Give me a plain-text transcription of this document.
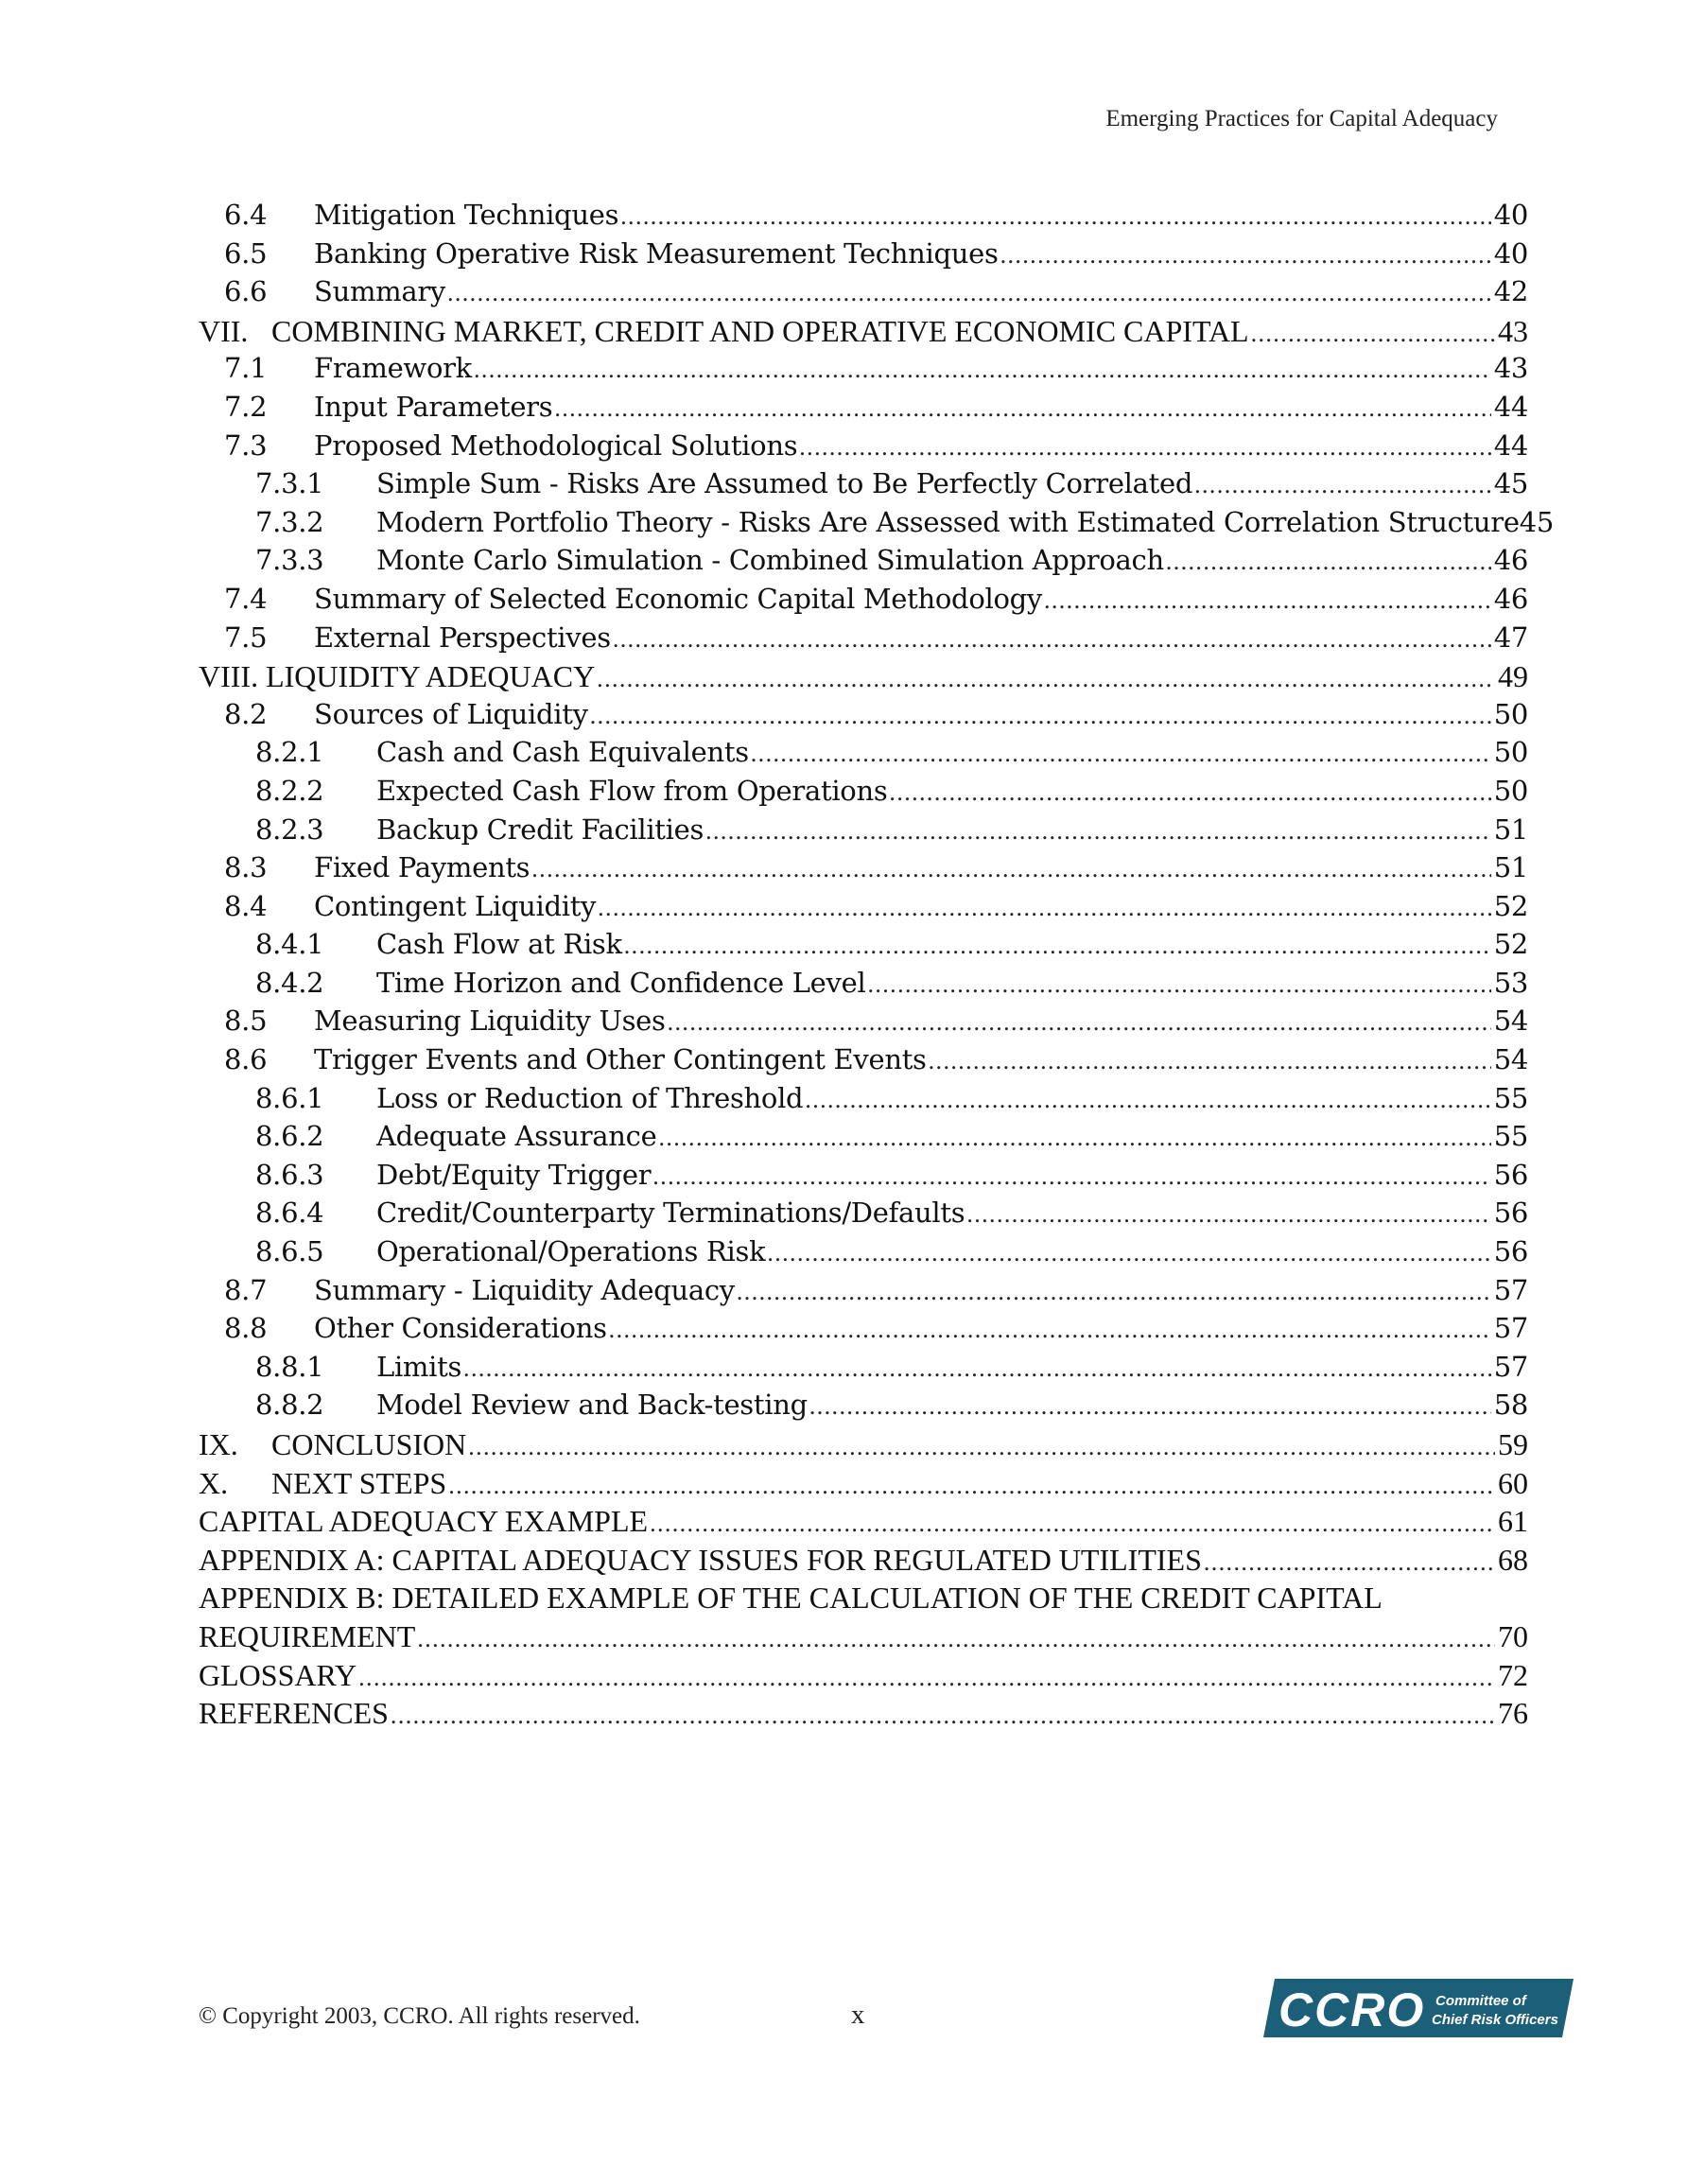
Emerging Practices for Capital Adequacy
6.4	Mitigation Techniques .....	40
6.5	Banking Operative Risk Measurement Techniques .....	40
6.6	Summary .....	42
VII. COMBINING MARKET, CREDIT AND OPERATIVE ECONOMIC CAPITAL .....	43
7.1	Framework .....	43
7.2	Input Parameters .....	44
7.3	Proposed Methodological Solutions .....	44
7.3.1	Simple Sum - Risks Are Assumed to Be Perfectly Correlated .....	45
7.3.2	Modern Portfolio Theory - Risks Are Assessed with Estimated Correlation Structure 45
7.3.3	Monte Carlo Simulation - Combined Simulation Approach .....	46
7.4	Summary of Selected Economic Capital Methodology .....	46
7.5	External Perspectives .....	47
VIII. LIQUIDITY ADEQUACY .....	49
8.2	Sources of Liquidity .....	50
8.2.1	Cash and Cash Equivalents .....	50
8.2.2	Expected Cash Flow from Operations .....	50
8.2.3	Backup Credit Facilities .....	51
8.3	Fixed Payments .....	51
8.4	Contingent Liquidity .....	52
8.4.1	Cash Flow at Risk .....	52
8.4.2	Time Horizon and Confidence Level .....	53
8.5	Measuring Liquidity Uses .....	54
8.6	Trigger Events and Other Contingent Events .....	54
8.6.1	Loss or Reduction of Threshold .....	55
8.6.2	Adequate Assurance .....	55
8.6.3	Debt/Equity Trigger .....	56
8.6.4	Credit/Counterparty Terminations/Defaults .....	56
8.6.5	Operational/Operations Risk .....	56
8.7	Summary - Liquidity Adequacy .....	57
8.8	Other Considerations .....	57
8.8.1	Limits .....	57
8.8.2	Model Review and Back-testing .....	58
IX.	CONCLUSION .....	59
X.	NEXT STEPS .....	60
CAPITAL ADEQUACY EXAMPLE .....	61
APPENDIX A: CAPITAL ADEQUACY ISSUES FOR REGULATED UTILITIES .....	68
APPENDIX B: DETAILED EXAMPLE OF THE CALCULATION OF THE CREDIT CAPITAL
REQUIREMENT .....	70
GLOSSARY .....	72
REFERENCES .....	76
© Copyright 2003, CCRO. All rights reserved.	x	CCRO Committee of
Chief Risk Officers
